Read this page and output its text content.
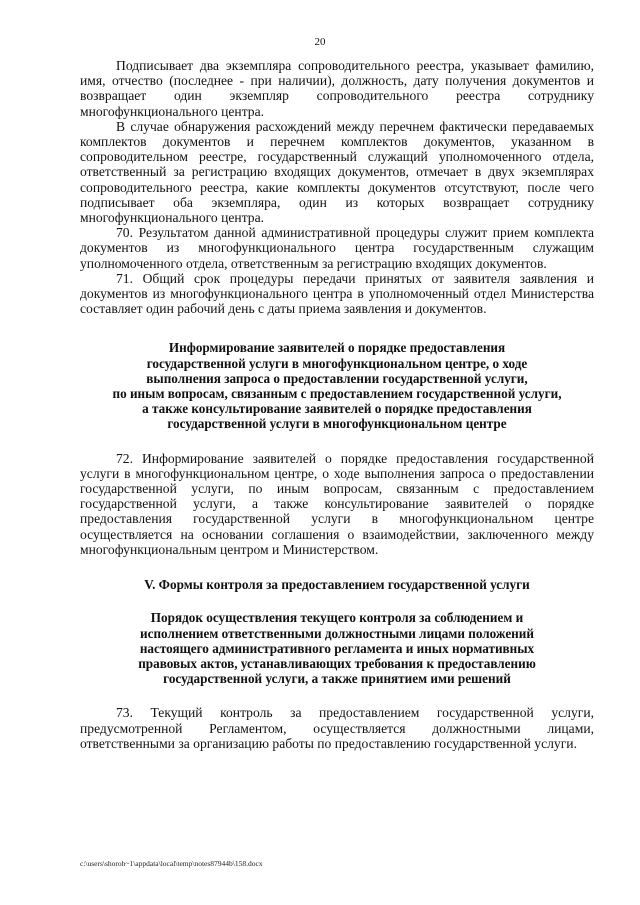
20

Подписывает два экземпляра сопроводительного реестра, указывает фамилию, имя, отчество (последнее - при наличии), должность, дату получения документов и возвращает один экземпляр сопроводительного реестра сотруднику многофункционального центра.

В случае обнаружения расхождений между перечнем фактически передаваемых комплектов документов и перечнем комплектов документов, указанном в сопроводительном реестре, государственный служащий уполномоченного отдела, ответственный за регистрацию входящих документов, отмечает в двух экземплярах сопроводительного реестра, какие комплекты документов отсутствуют, после чего подписывает оба экземпляра, один из которых возвращает сотруднику многофункционального центра.

70. Результатом данной административной процедуры служит прием комплекта документов из многофункционального центра государственным служащим уполномоченного отдела, ответственным за регистрацию входящих документов.

71. Общий срок процедуры передачи принятых от заявителя заявления и документов из многофункционального центра в уполномоченный отдел Министерства составляет один рабочий день с даты приема заявления и документов.

Информирование заявителей о порядке предоставления
государственной услуги в многофункциональном центре, о ходе
выполнения запроса о предоставлении государственной услуги,
по иным вопросам, связанным с предоставлением государственной услуги,
а также консультирование заявителей о порядке предоставления
государственной услуги в многофункциональном центре

72. Информирование заявителей о порядке предоставления государственной услуги в многофункциональном центре, о ходе выполнения запроса о предоставлении государственной услуги, по иным вопросам, связанным с предоставлением государственной услуги, а также консультирование заявителей о порядке предоставления государственной услуги в многофункциональном центре осуществляется на основании соглашения о взаимодействии, заключенного между многофункциональным центром и Министерством.

V. Формы контроля за предоставлением государственной услуги
Порядок осуществления текущего контроля за соблюдением и
исполнением ответственными должностными лицами положений
настоящего административного регламента и иных нормативных
правовых актов, устанавливающих требования к предоставлению
государственной услуги, а также принятием ими решений

73. Текущий контроль за предоставлением государственной услуги, предусмотренной Регламентом, осуществляется должностными лицами, ответственными за организацию работы по предоставлению государственной услуги.

c:\users\shoroh~1\appdata\local\temp\notes87944b\158.docx
